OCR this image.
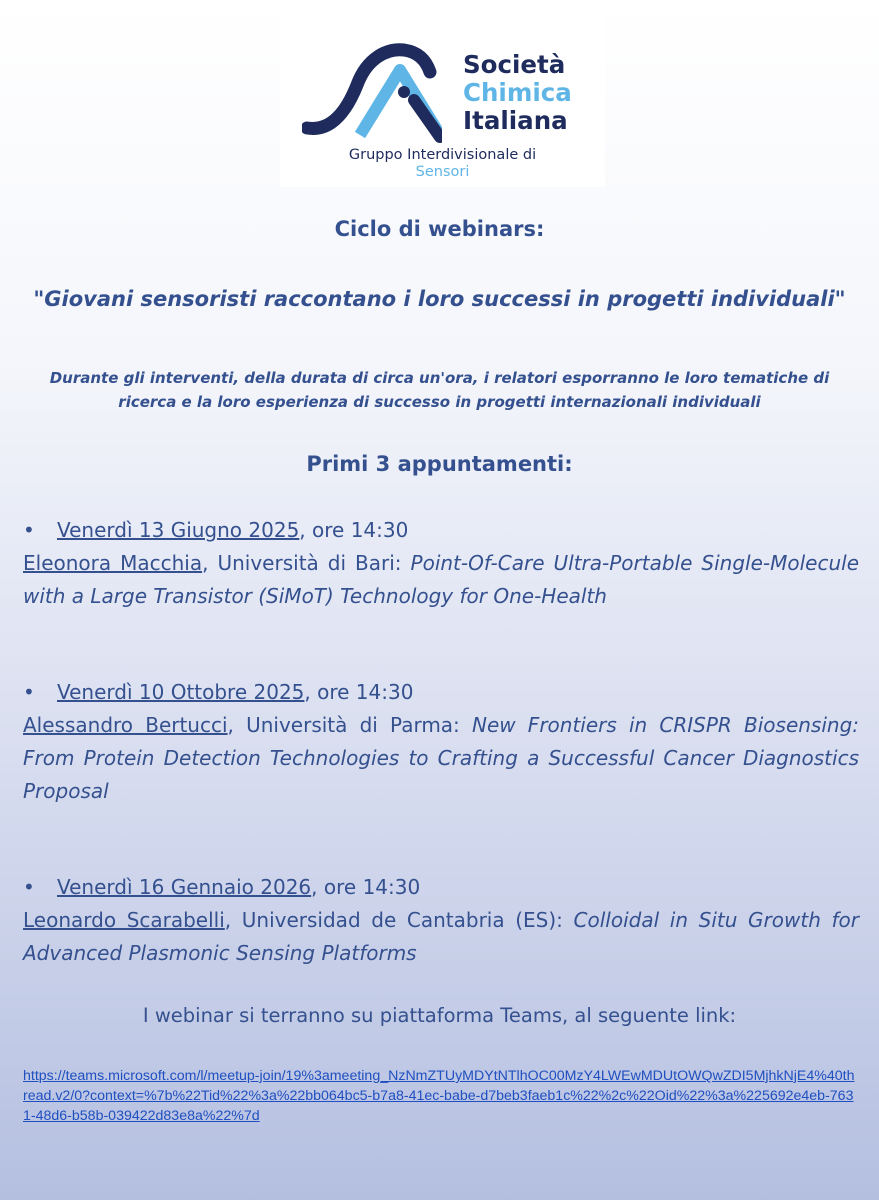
Società
Chimica
Italiana
Gruppo Interdivisionale di
Sensori
Ciclo di webinars:
"Giovani sensoristi raccontano i loro successi in progetti individuali"
Durante gli interventi, della durata di circa un'ora, i relatori esporranno le loro tematiche di ricerca e la loro esperienza di successo in progetti internazionali individuali
Primi 3 appuntamenti:
• Venerdì 13 Giugno 2025, ore 14:30
Eleonora Macchia, Università di Bari: Point-Of-Care Ultra-Portable Single-Molecule with a Large Transistor (SiMoT) Technology for One-Health
• Venerdì 10 Ottobre 2025, ore 14:30
Alessandro Bertucci, Università di Parma: New Frontiers in CRISPR Biosensing: From Protein Detection Technologies to Crafting a Successful Cancer Diagnostics Proposal
• Venerdì 16 Gennaio 2026, ore 14:30
Leonardo Scarabelli, Universidad de Cantabria (ES): Colloidal in Situ Growth for Advanced Plasmonic Sensing Platforms
I webinar si terranno su piattaforma Teams, al seguente link:
https://teams.microsoft.com/l/meetup-join/19%3ameeting_NzNmZTUyMDYtNTlhOC00MzY4LWEwMDUtOWQwZDI5MjhkNjE4%40thread.v2/0?context=%7b%22Tid%22%3a%22bb064bc5-b7a8-41ec-babe-d7beb3faeb1c%22%2c%22Oid%22%3a%225692e4eb-7631-48d6-b58b-039422d83e8a%22%7d
